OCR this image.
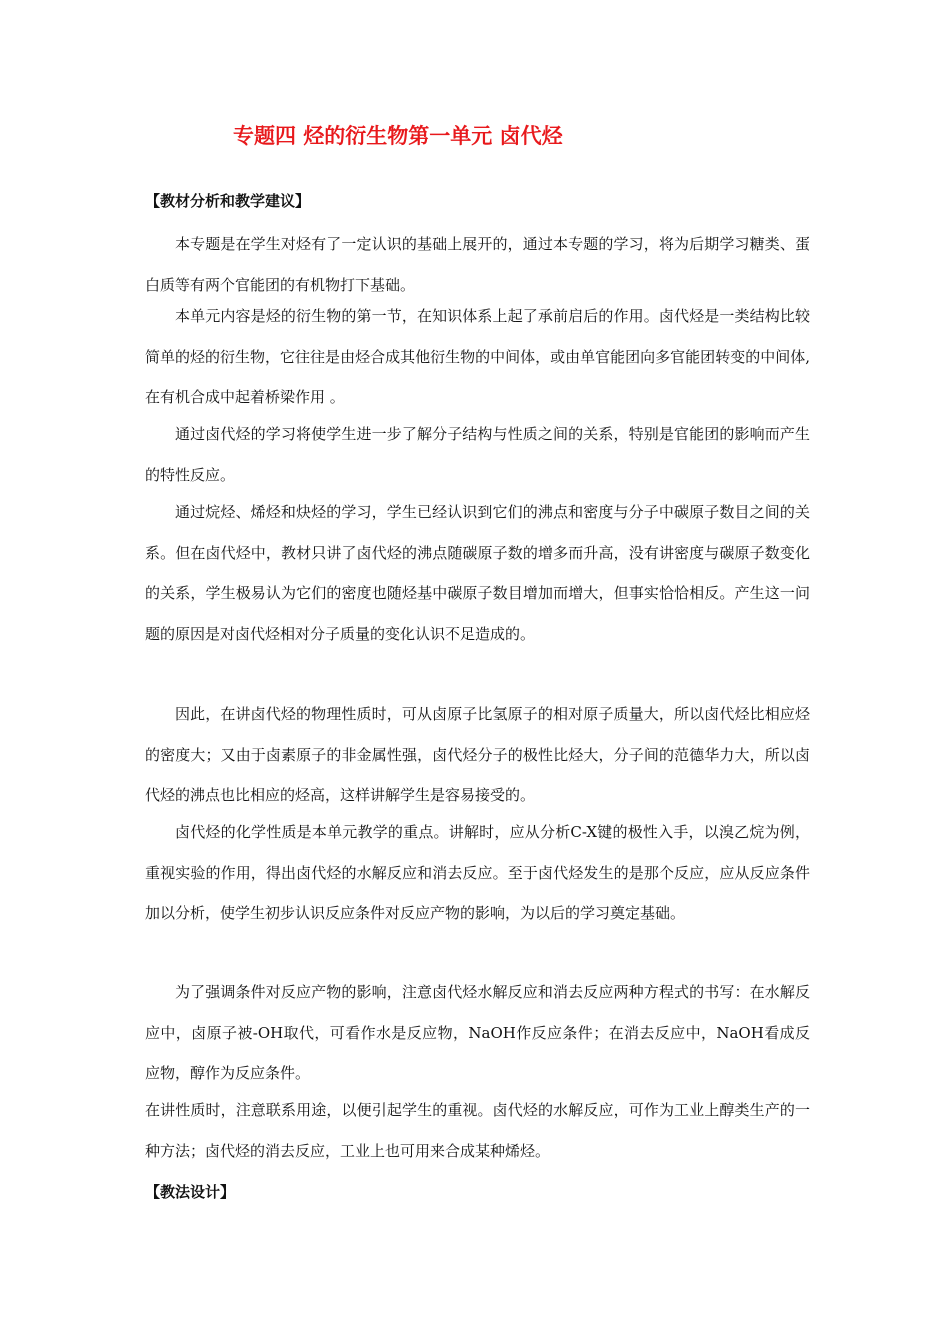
专题四 烃的衍生物第一单元 卤代烃
【教材分析和教学建议】

本专题是在学生对烃有了一定认识的基础上展开的，通过本专题的学习，将为后期学习糖类、蛋白质等有两个官能团的有机物打下基础。

本单元内容是烃的衍生物的第一节，在知识体系上起了承前启后的作用。卤代烃是一类结构比较简单的烃的衍生物，它往往是由烃合成其他衍生物的中间体，或由单官能团向多官能团转变的中间体,在有机合成中起着桥梁作用 。

通过卤代烃的学习将使学生进一步了解分子结构与性质之间的关系，特别是官能团的影响而产生的特性反应。

通过烷烃、烯烃和炔烃的学习，学生已经认识到它们的沸点和密度与分子中碳原子数目之间的关系。但在卤代烃中，教材只讲了卤代烃的沸点随碳原子数的增多而升高，没有讲密度与碳原子数变化的关系，学生极易认为它们的密度也随烃基中碳原子数目增加而增大，但事实恰恰相反。产生这一问题的原因是对卤代烃相对分子质量的变化认识不足造成的。

因此，在讲卤代烃的物理性质时，可从卤原子比氢原子的相对原子质量大，所以卤代烃比相应烃的密度大；又由于卤素原子的非金属性强，卤代烃分子的极性比烃大，分子间的范德华力大，所以卤代烃的沸点也比相应的烃高，这样讲解学生是容易接受的。

卤代烃的化学性质是本单元教学的重点。讲解时，应从分析C-X键的极性入手，以溴乙烷为例，重视实验的作用，得出卤代烃的水解反应和消去反应。至于卤代烃发生的是那个反应，应从反应条件加以分析，使学生初步认识反应条件对反应产物的影响，为以后的学习奠定基础。

为了强调条件对反应产物的影响，注意卤代烃水解反应和消去反应两种方程式的书写：在水解反应中，卤原子被-OH取代，可看作水是反应物，NaOH作反应条件；在消去反应中，NaOH看成反应物，醇作为反应条件。

在讲性质时，注意联系用途，以便引起学生的重视。卤代烃的水解反应，可作为工业上醇类生产的一种方法；卤代烃的消去反应，工业上也可用来合成某种烯烃。

【教法设计】
